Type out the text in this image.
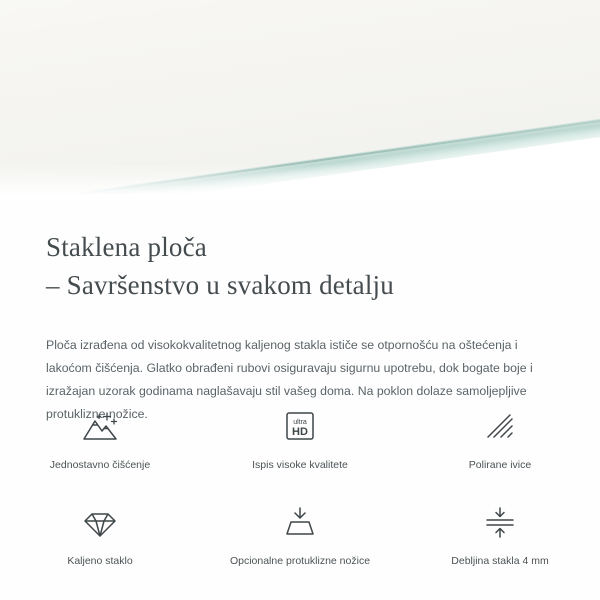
Staklena ploča
– Savršenstvo u svakom detalju

Ploča izrađena od visokokvalitetnog kaljenog stakla ističe se otpornošću na oštećenja i lakoćom čišćenja. Glatko obrađeni rubovi osiguravaju sigurnu upotrebu, dok bogate boje i izražajan uzorak godinama naglašavaju stil vašeg doma. Na poklon dolaze samoljepljive protuklizne nožice.

Jednostavno čišćenje
ultra
HD
Ispis visoke kvalitete	Polirane ivice
Kaljeno staklo	Opcionalne protuklizne nožice	Debljina stakla 4 mm
